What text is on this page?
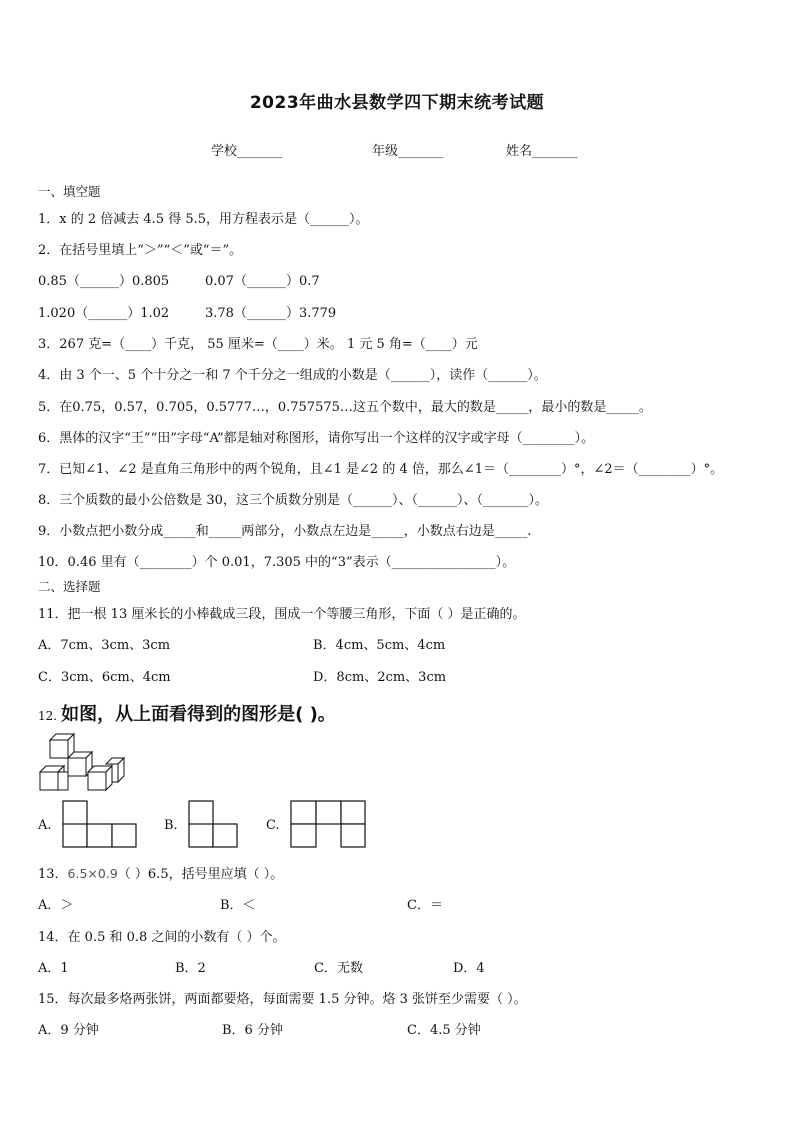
2023年曲水县数学四下期末统考试题
学校_______	年级_______	姓名_______
一、填空题
1．x 的 2 倍减去 4.5 得 5.5，用方程表示是（______）。
2．在括号里填上“＞”“＜”或“＝”。
0.85（______）0.805	0.07（______）0.7
1.020（______）1.02	3.78（______）3.779
3．267 克=（____）千克， 55 厘米=（____）米。 1 元 5 角=（____）元
4．由 3 个一、5 个十分之一和 7 个千分之一组成的小数是（______），读作（______）。
5．在0.75，0.57，0.705，0.5777…，0.757575…这五个数中，最大的数是_____，最小的数是_____。
6．黑体的汉字“王”“田”字母“A”都是轴对称图形，请你写出一个这样的汉字或字母（________）。
7．已知∠1、∠2 是直角三角形中的两个锐角，且∠1 是∠2 的 4 倍，那么∠1＝（________）°，∠2＝（________）°。
8．三个质数的最小公倍数是 30，这三个质数分别是（______）、（______）、（_______）。
9．小数点把小数分成_____和_____两部分，小数点左边是_____，小数点右边是_____.
10．0.46 里有（________）个 0.01，7.305 中的“3”表示（________________）。
二、选择题
11．把一根 13 厘米长的小棒截成三段，围成一个等腰三角形，下面（ ）是正确的。
A．7cm、3cm、3cm	B．4cm、5cm、4cm
C．3cm、6cm、4cm	D．8cm、2cm、3cm
12. 如图，从上面看得到的图形是( )。
A.	B.	C.
13．6.5×0.9（ ）6.5，括号里应填（ ）。
A．＞	B．＜	C．＝
14．在 0.5 和 0.8 之间的小数有（ ）个。
A．1	B．2	C．无数	D．4
15．每次最多烙两张饼，两面都要烙，每面需要 1.5 分钟。烙 3 张饼至少需要（ ）。
A．9 分钟	B．6 分钟	C．4.5 分钟
